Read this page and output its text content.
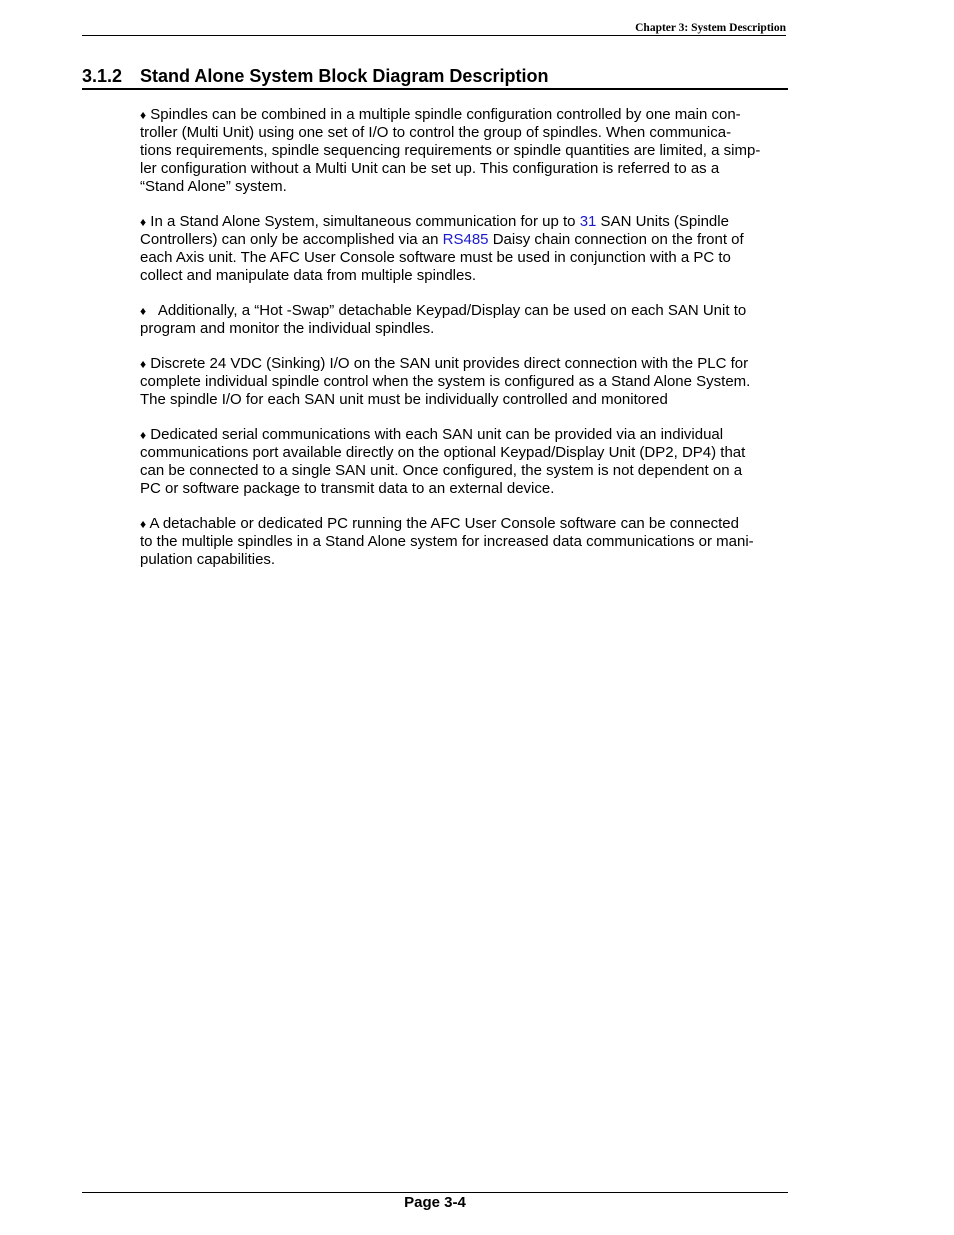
Chapter 3: System Description
3.1.2 Stand Alone System Block Diagram Description

♦ Spindles can be combined in a multiple spindle configuration controlled by one main con-
troller (Multi Unit) using one set of I/O to control the group of spindles. When communica-
tions requirements, spindle sequencing requirements or spindle quantities are limited, a simp-
ler configuration without a Multi Unit can be set up. This configuration is referred to as a
“Stand Alone” system.

♦ In a Stand Alone System, simultaneous communication for up to 31 SAN Units (Spindle
Controllers) can only be accomplished via an RS485 Daisy chain connection on the front of
each Axis unit. The AFC User Console software must be used in conjunction with a PC to
collect and manipulate data from multiple spindles.

♦ Additionally, a “Hot -Swap” detachable Keypad/Display can be used on each SAN Unit to
program and monitor the individual spindles.

♦ Discrete 24 VDC (Sinking) I/O on the SAN unit provides direct connection with the PLC for
complete individual spindle control when the system is configured as a Stand Alone System.
The spindle I/O for each SAN unit must be individually controlled and monitored

♦ Dedicated serial communications with each SAN unit can be provided via an individual
communications port available directly on the optional Keypad/Display Unit (DP2, DP4) that
can be connected to a single SAN unit. Once configured, the system is not dependent on a
PC or software package to transmit data to an external device.

♦ A detachable or dedicated PC running the AFC User Console software can be connected
to the multiple spindles in a Stand Alone system for increased data communications or mani-
pulation capabilities.

Page 3-4
